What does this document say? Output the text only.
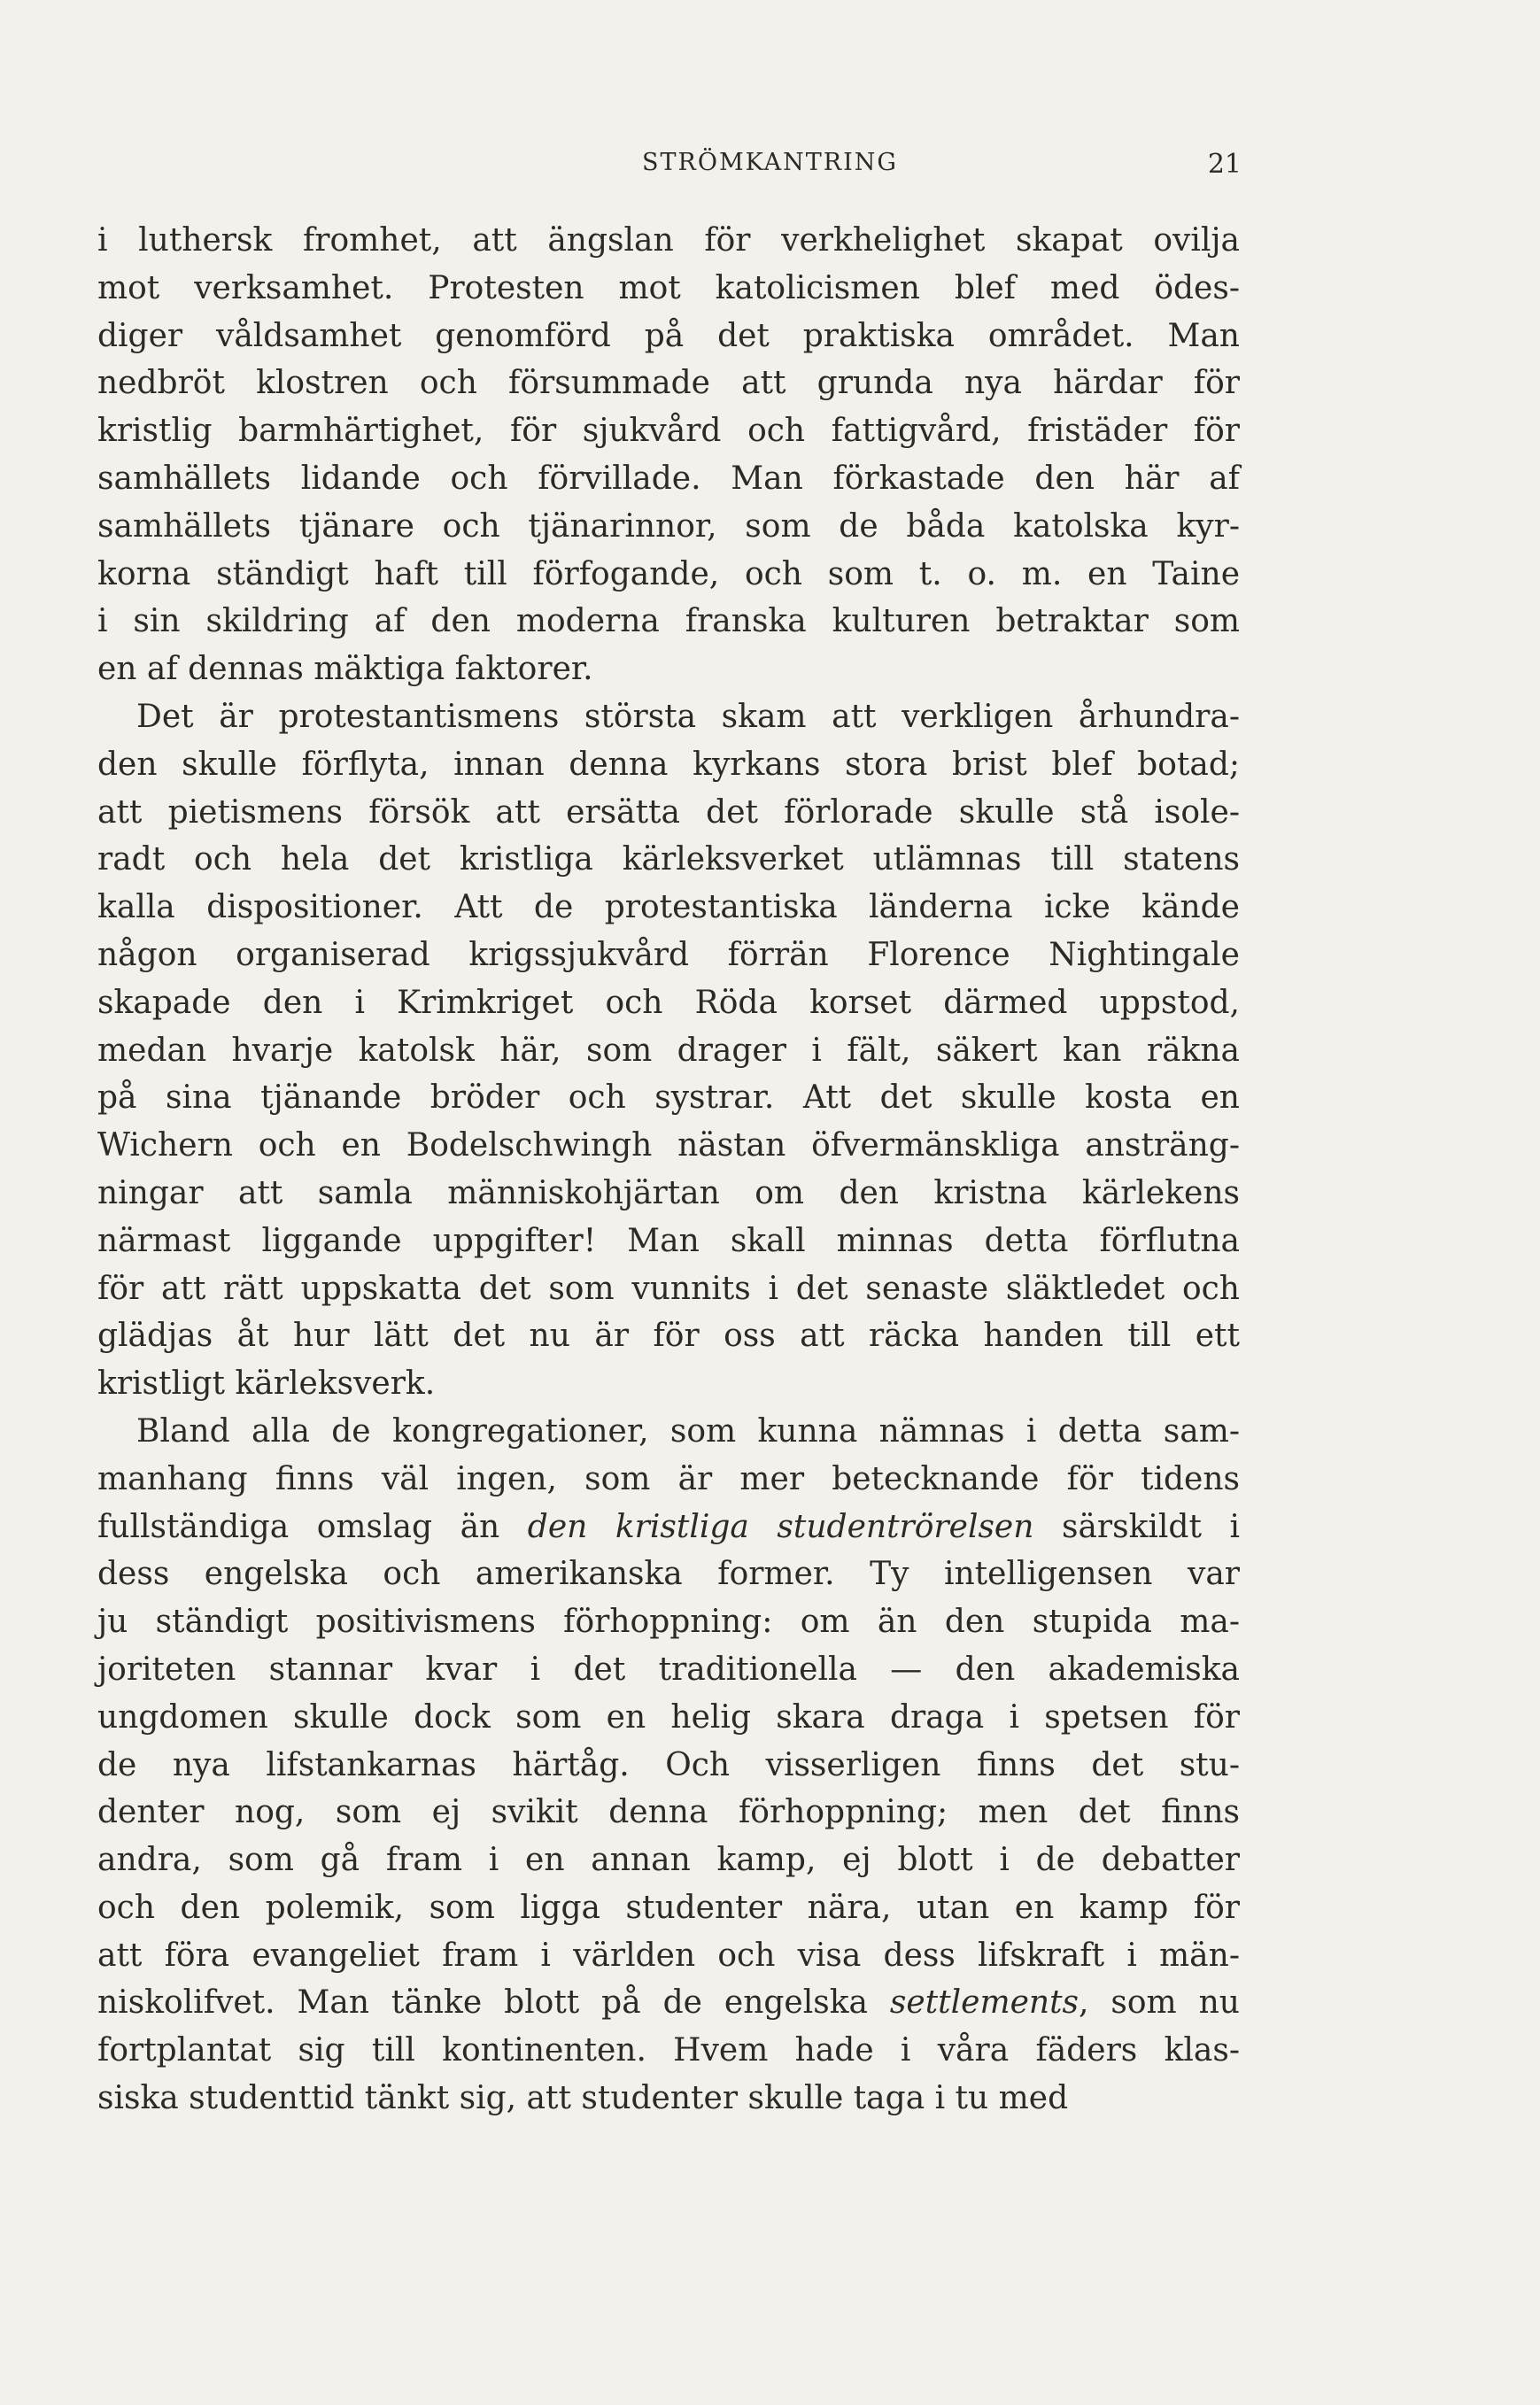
STRÖMKANTRING	21
i luthersk fromhet, att ängslan för verkhelighet skapat ovilja
mot verksamhet. Protesten mot katolicismen blef med ödes-
diger våldsamhet genomförd på det praktiska området. Man
nedbröt klostren och försummade att grunda nya härdar för
kristlig barmhärtighet, för sjukvård och fattigvård, fristäder för
samhällets lidande och förvillade. Man förkastade den här af
samhällets tjänare och tjänarinnor, som de båda katolska kyr-
korna ständigt haft till förfogande, och som t. o. m. en Taine
i sin skildring af den moderna franska kulturen betraktar som
en af dennas mäktiga faktorer.
Det är protestantismens största skam att verkligen århundra-
den skulle förflyta, innan denna kyrkans stora brist blef botad;
att pietismens försök att ersätta det förlorade skulle stå isole-
radt och hela det kristliga kärleksverket utlämnas till statens
kalla dispositioner. Att de protestantiska länderna icke kände
någon organiserad krigssjukvård förrän Florence Nightingale
skapade den i Krimkriget och Röda korset därmed uppstod,
medan hvarje katolsk här, som drager i fält, säkert kan räkna
på sina tjänande bröder och systrar. Att det skulle kosta en
Wichern och en Bodelschwingh nästan öfvermänskliga ansträng-
ningar att samla människohjärtan om den kristna kärlekens
närmast liggande uppgifter! Man skall minnas detta förflutna
för att rätt uppskatta det som vunnits i det senaste släktledet och
glädjas åt hur lätt det nu är för oss att räcka handen till ett
kristligt kärleksverk.
Bland alla de kongregationer, som kunna nämnas i detta sam-
manhang finns väl ingen, som är mer betecknande för tidens
fullständiga omslag än den kristliga studentrörelsen särskildt i
dess engelska och amerikanska former. Ty intelligensen var
ju ständigt positivismens förhoppning: om än den stupida ma-
joriteten stannar kvar i det traditionella — den akademiska
ungdomen skulle dock som en helig skara draga i spetsen för
de nya lifstankarnas härtåg. Och visserligen finns det stu-
denter nog, som ej svikit denna förhoppning; men det finns
andra, som gå fram i en annan kamp, ej blott i de debatter
och den polemik, som ligga studenter nära, utan en kamp för
att föra evangeliet fram i världen och visa dess lifskraft i män-
niskolifvet. Man tänke blott på de engelska settlements, som nu
fortplantat sig till kontinenten. Hvem hade i våra fäders klas-
siska studenttid tänkt sig, att studenter skulle taga i tu med
